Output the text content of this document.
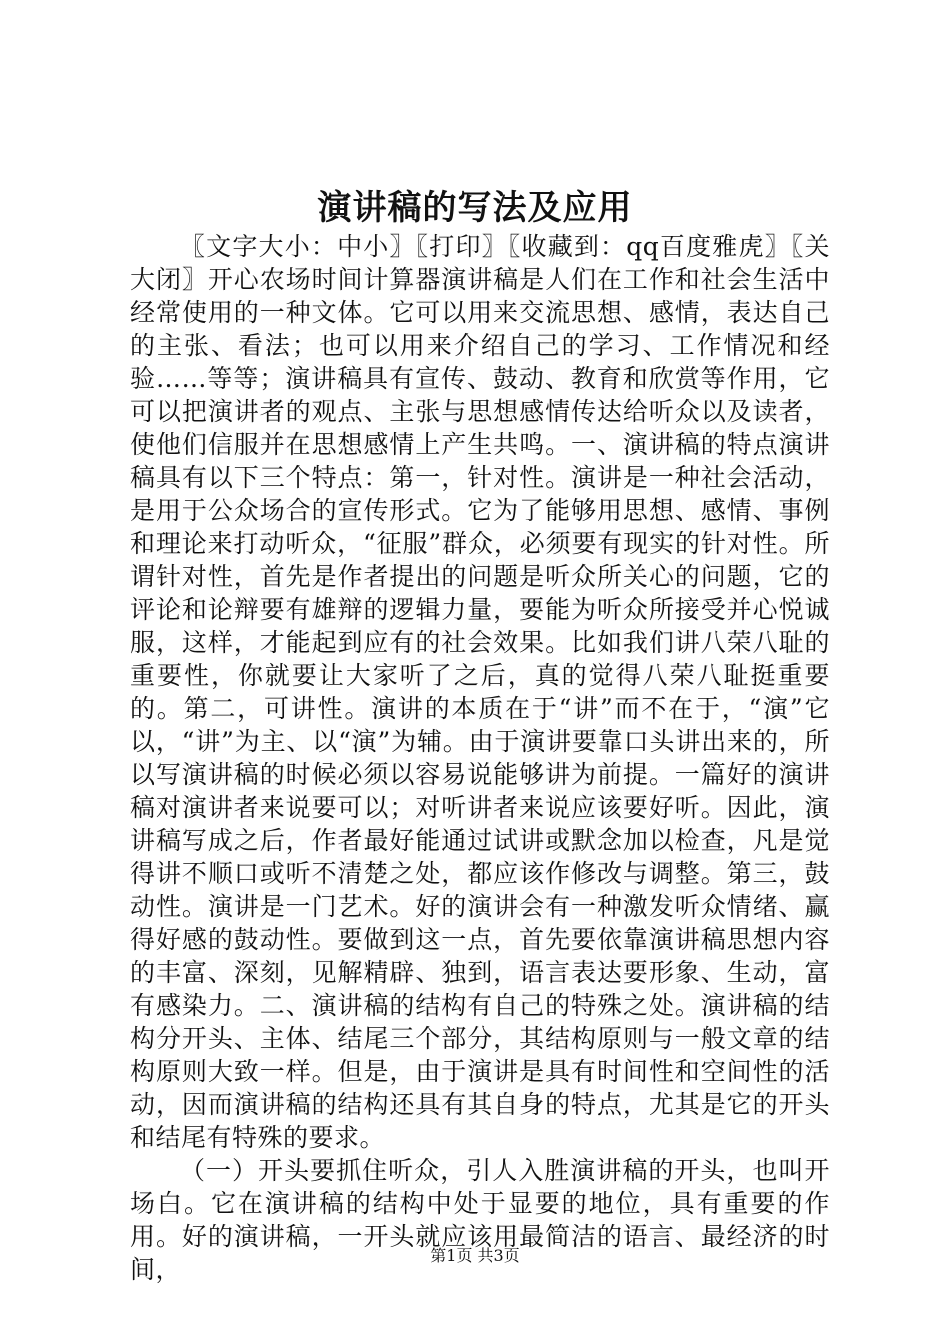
演讲稿的写法及应用

〖文字大小：中小〗〖打印〗〖收藏到：qq百度雅虎〗〖关大闭〗开心农场时间计算器演讲稿是人们在工作和社会生活中经常使用的一种文体。它可以用来交流思想、感情，表达自己的主张、看法；也可以用来介绍自己的学习、工作情况和经验……等等；演讲稿具有宣传、鼓动、教育和欣赏等作用，它可以把演讲者的观点、主张与思想感情传达给听众以及读者，使他们信服并在思想感情上产生共鸣。一、演讲稿的特点演讲稿具有以下三个特点：第一，针对性。演讲是一种社会活动，是用于公众场合的宣传形式。它为了能够用思想、感情、事例和理论来打动听众，“征服”群众，必须要有现实的针对性。所谓针对性，首先是作者提出的问题是听众所关心的问题，它的评论和论辩要有雄辩的逻辑力量，要能为听众所接受并心悦诚服，这样，才能起到应有的社会效果。比如我们讲八荣八耻的重要性，你就要让大家听了之后，真的觉得八荣八耻挺重要的。第二，可讲性。演讲的本质在于“讲”而不在于，“演”它以，“讲”为主、以“演”为辅。由于演讲要靠口头讲出来的，所以写演讲稿的时候必须以容易说能够讲为前提。一篇好的演讲稿对演讲者来说要可以；对听讲者来说应该要好听。因此，演讲稿写成之后，作者最好能通过试讲或默念加以检查，凡是觉得讲不顺口或听不清楚之处，都应该作修改与调整。第三，鼓动性。演讲是一门艺术。好的演讲会有一种激发听众情绪、赢得好感的鼓动性。要做到这一点，首先要依靠演讲稿思想内容的丰富、深刻，见解精辟、独到，语言表达要形象、生动，富有感染力。二、演讲稿的结构有自己的特殊之处。演讲稿的结构分开头、主体、结尾三个部分，其结构原则与一般文章的结构原则大致一样。但是，由于演讲是具有时间性和空间性的活动，因而演讲稿的结构还具有其自身的特点，尤其是它的开头和结尾有特殊的要求。

（一）开头要抓住听众，引人入胜演讲稿的开头，也叫开场白。它在演讲稿的结构中处于显要的地位，具有重要的作用。好的演讲稿，一开头就应该用最简洁的语言、最经济的时间，	第1页 共3页
